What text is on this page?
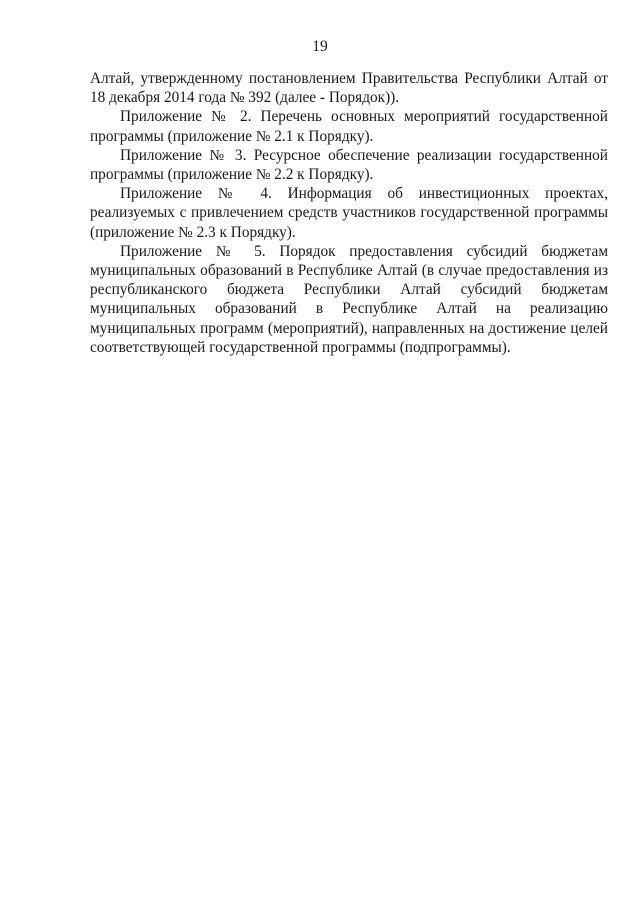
19

Алтай, утвержденному постановлением Правительства Республики Алтай от 18 декабря 2014 года № 392 (далее - Порядок)).

Приложение № 2. Перечень основных мероприятий государственной программы (приложение № 2.1 к Порядку).

Приложение № 3. Ресурсное обеспечение реализации государственной программы (приложение № 2.2 к Порядку).

Приложение № 4. Информация об инвестиционных проектах, реализуемых с привлечением средств участников государственной программы (приложение № 2.3 к Порядку).

Приложение № 5. Порядок предоставления субсидий бюджетам муниципальных образований в Республике Алтай (в случае предоставления из республиканского бюджета Республики Алтай субсидий бюджетам муниципальных образований в Республике Алтай на реализацию муниципальных программ (мероприятий), направленных на достижение целей соответствующей государственной программы (подпрограммы).
